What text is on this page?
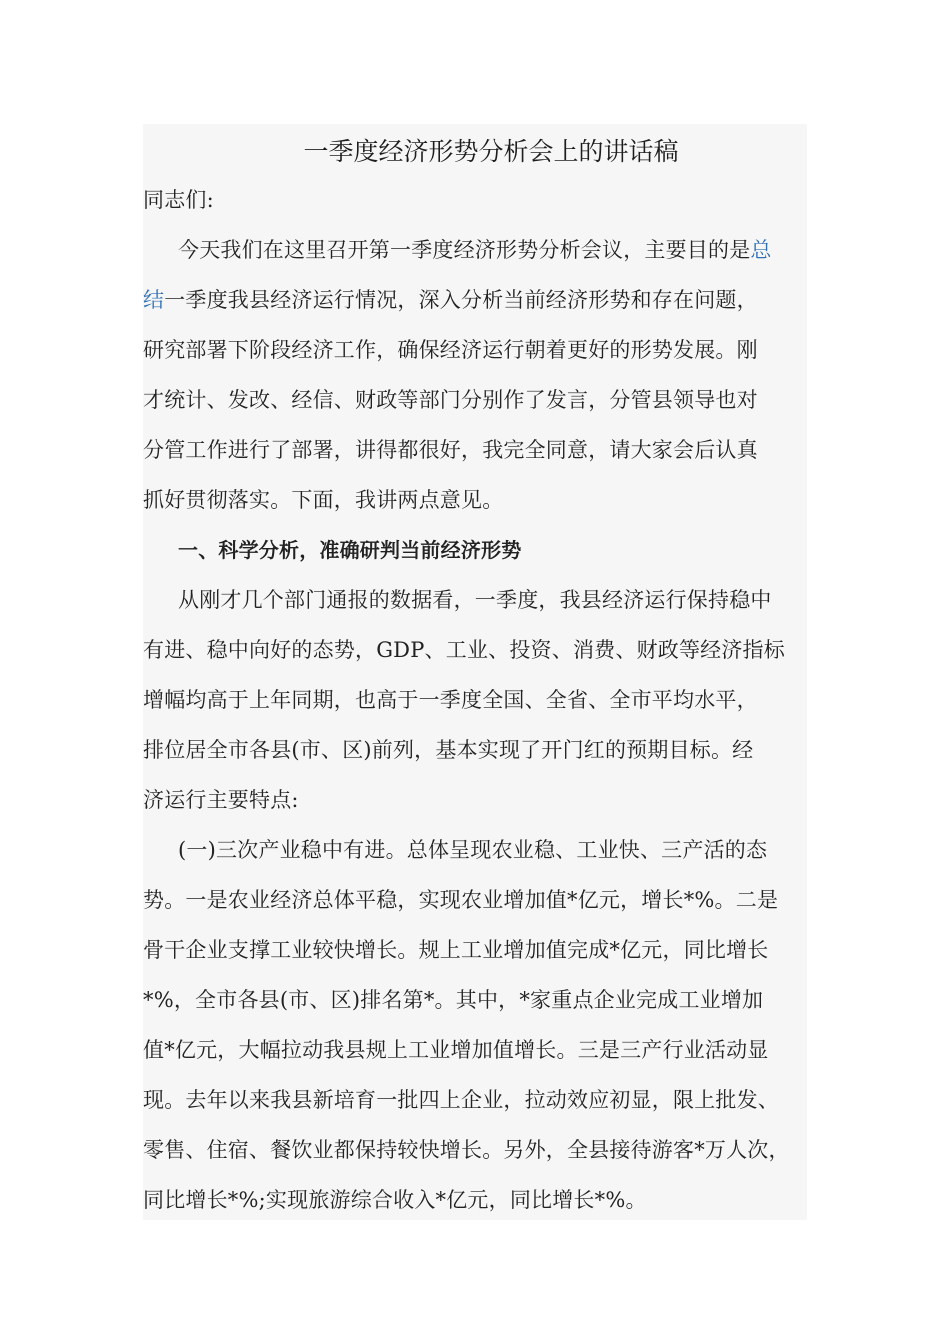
一季度经济形势分析会上的讲话稿
同志们:
今天我们在这里召开第一季度经济形势分析会议，主要目的是总
结一季度我县经济运行情况，深入分析当前经济形势和存在问题，
研究部署下阶段经济工作，确保经济运行朝着更好的形势发展。刚
才统计、发改、经信、财政等部门分别作了发言，分管县领导也对
分管工作进行了部署，讲得都很好，我完全同意，请大家会后认真
抓好贯彻落实。下面，我讲两点意见。
一、科学分析，准确研判当前经济形势
从刚才几个部门通报的数据看，一季度，我县经济运行保持稳中
有进、稳中向好的态势，GDP、工业、投资、消费、财政等经济指标
增幅均高于上年同期，也高于一季度全国、全省、全市平均水平，
排位居全市各县(市、区)前列，基本实现了开门红的预期目标。经
济运行主要特点:
(一)三次产业稳中有进。总体呈现农业稳、工业快、三产活的态
势。一是农业经济总体平稳，实现农业增加值*亿元，增长*%。二是
骨干企业支撑工业较快增长。规上工业增加值完成*亿元，同比增长
*%，全市各县(市、区)排名第*。其中，*家重点企业完成工业增加
值*亿元，大幅拉动我县规上工业增加值增长。三是三产行业活动显
现。去年以来我县新培育一批四上企业，拉动效应初显，限上批发、
零售、住宿、餐饮业都保持较快增长。另外，全县接待游客*万人次，
同比增长*%;实现旅游综合收入*亿元，同比增长*%。
